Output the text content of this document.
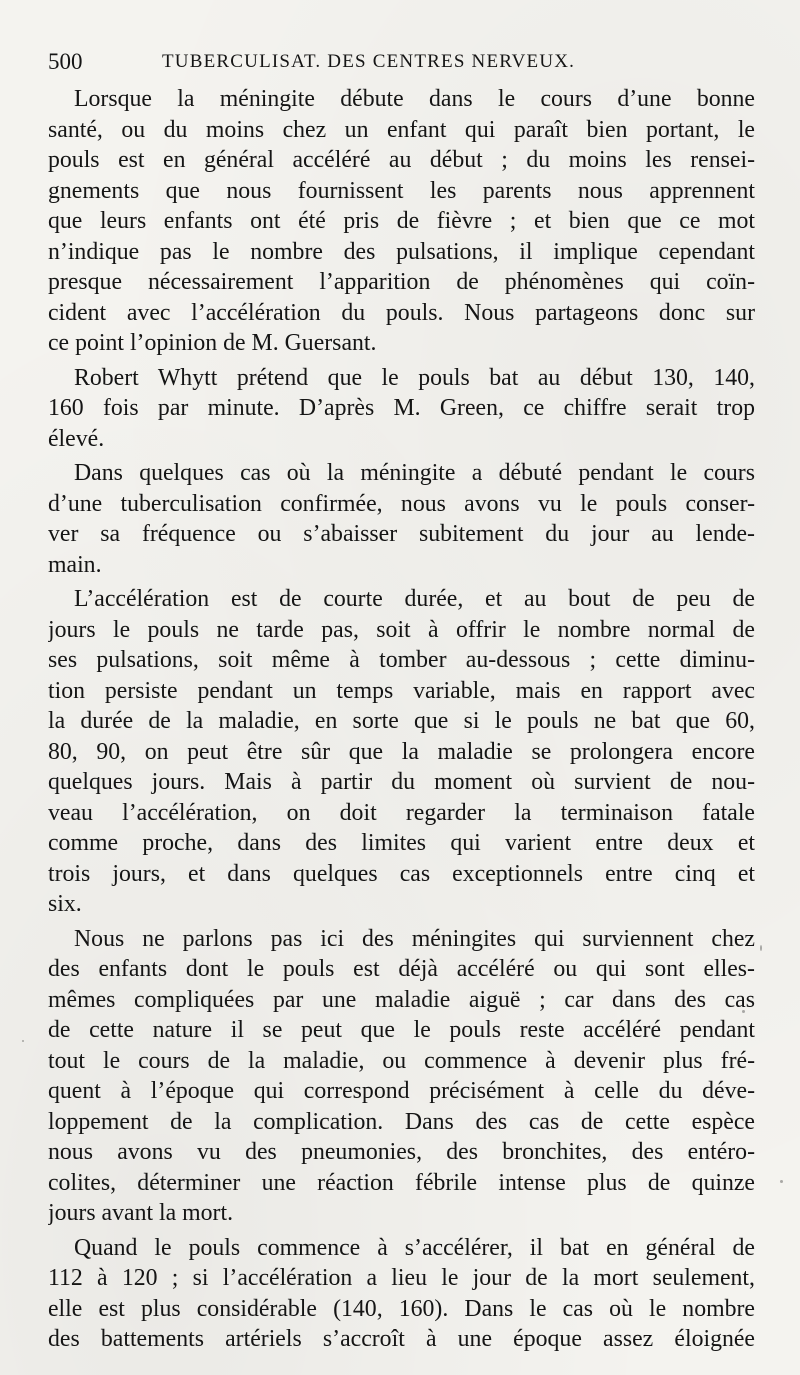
500	TUBERCULISAT. DES CENTRES NERVEUX.
Lorsque la méningite débute dans le cours d’une bonne
santé, ou du moins chez un enfant qui paraît bien portant, le
pouls est en général accéléré au début ; du moins les rensei-
gnements que nous fournissent les parents nous apprennent
que leurs enfants ont été pris de fièvre ; et bien que ce mot
n’indique pas le nombre des pulsations, il implique cependant
presque nécessairement l’apparition de phénomènes qui coïn-
cident avec l’accélération du pouls. Nous partageons donc sur
ce point l’opinion de M. Guersant.
Robert Whytt prétend que le pouls bat au début 130, 140,
160 fois par minute. D’après M. Green, ce chiffre serait trop
élevé.
Dans quelques cas où la méningite a débuté pendant le cours
d’une tuberculisation confirmée, nous avons vu le pouls conser-
ver sa fréquence ou s’abaisser subitement du jour au lende-
main.
L’accélération est de courte durée, et au bout de peu de
jours le pouls ne tarde pas, soit à offrir le nombre normal de
ses pulsations, soit même à tomber au-dessous ; cette diminu-
tion persiste pendant un temps variable, mais en rapport avec
la durée de la maladie, en sorte que si le pouls ne bat que 60,
80, 90, on peut être sûr que la maladie se prolongera encore
quelques jours. Mais à partir du moment où survient de nou-
veau l’accélération, on doit regarder la terminaison fatale
comme proche, dans des limites qui varient entre deux et
trois jours, et dans quelques cas exceptionnels entre cinq et
six.
Nous ne parlons pas ici des méningites qui surviennent chez
des enfants dont le pouls est déjà accéléré ou qui sont elles-
mêmes compliquées par une maladie aiguë ; car dans des cas
de cette nature il se peut que le pouls reste accéléré pendant
tout le cours de la maladie, ou commence à devenir plus fré-
quent à l’époque qui correspond précisément à celle du déve-
loppement de la complication. Dans des cas de cette espèce
nous avons vu des pneumonies, des bronchites, des entéro-
colites, déterminer une réaction fébrile intense plus de quinze
jours avant la mort.
Quand le pouls commence à s’accélérer, il bat en général de
112 à 120 ; si l’accélération a lieu le jour de la mort seulement,
elle est plus considérable (140, 160). Dans le cas où le nombre
des battements artériels s’accroît à une époque assez éloignée
